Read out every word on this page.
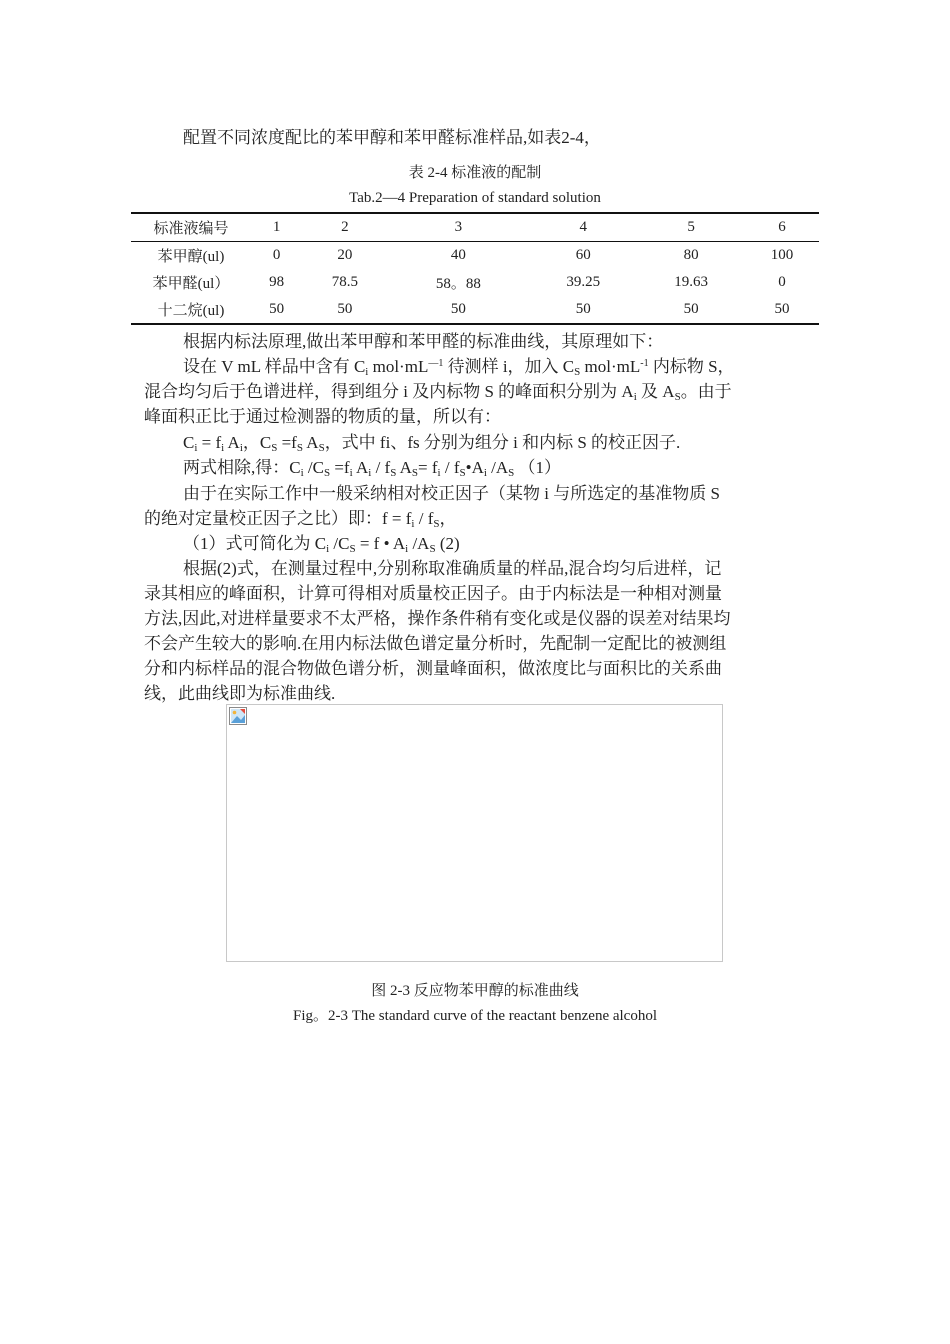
配置不同浓度配比的苯甲醇和苯甲醛标准样品,如表2-4，
表 2-4 标准液的配制
Tab.2—4 Preparation of standard solution
标准液编号	1	2	3	4	5	6
苯甲醇(ul)	0	20	40	60	80	100
苯甲醛(ul）	98	78.5	58。88	39.25	19.63	0
十二烷(ul)	50	50	50	50	50	50
根据内标法原理,做出苯甲醇和苯甲醛的标准曲线，其原理如下：
设在 V mL 样品中含有 $C_i$ $mol\cdot mL^{—1}$ 待测样 i，加入 $C_S$ $mol\cdot mL^{-1}$ 内标物 S，
混合均匀后于色谱进样，得到组分 i 及内标物 S 的峰面积分别为 $A_i$ 及 $A_S$。由于
峰面积正比于通过检测器的物质的量，所以有：
$C_i = f_i$ $A_i$，$C_S =f_S$ $A_S$，式中 fi、fs 分别为组分 i 和内标 S 的校正因子.
两式相除,得：$C_i$ $/C_S =f_i$ $A_i / f_S$ $A_S= f_i$ / $f_S•A_i$ $/A_S$ （1）
由于在实际工作中一般采纳相对校正因子（某物 i 与所选定的基准物质 S
的绝对定量校正因子之比）即：$f = f_i / f_S$，
（1）式可简化为 $C_i$ $/C_S = f$ • $A_i$ $/A_S$ (2)
根据(2)式，在测量过程中,分别称取准确质量的样品,混合均匀后进样，记
录其相应的峰面积，计算可得相对质量校正因子。由于内标法是一种相对测量
方法,因此,对进样量要求不太严格，操作条件稍有变化或是仪器的误差对结果均
不会产生较大的影响.在用内标法做色谱定量分析时，先配制一定配比的被测组
分和内标样品的混合物做色谱分析，测量峰面积，做浓度比与面积比的关系曲
线，此曲线即为标准曲线.
图 2-3 反应物苯甲醇的标准曲线
Fig。2-3 The standard curve of the reactant benzene alcohol
